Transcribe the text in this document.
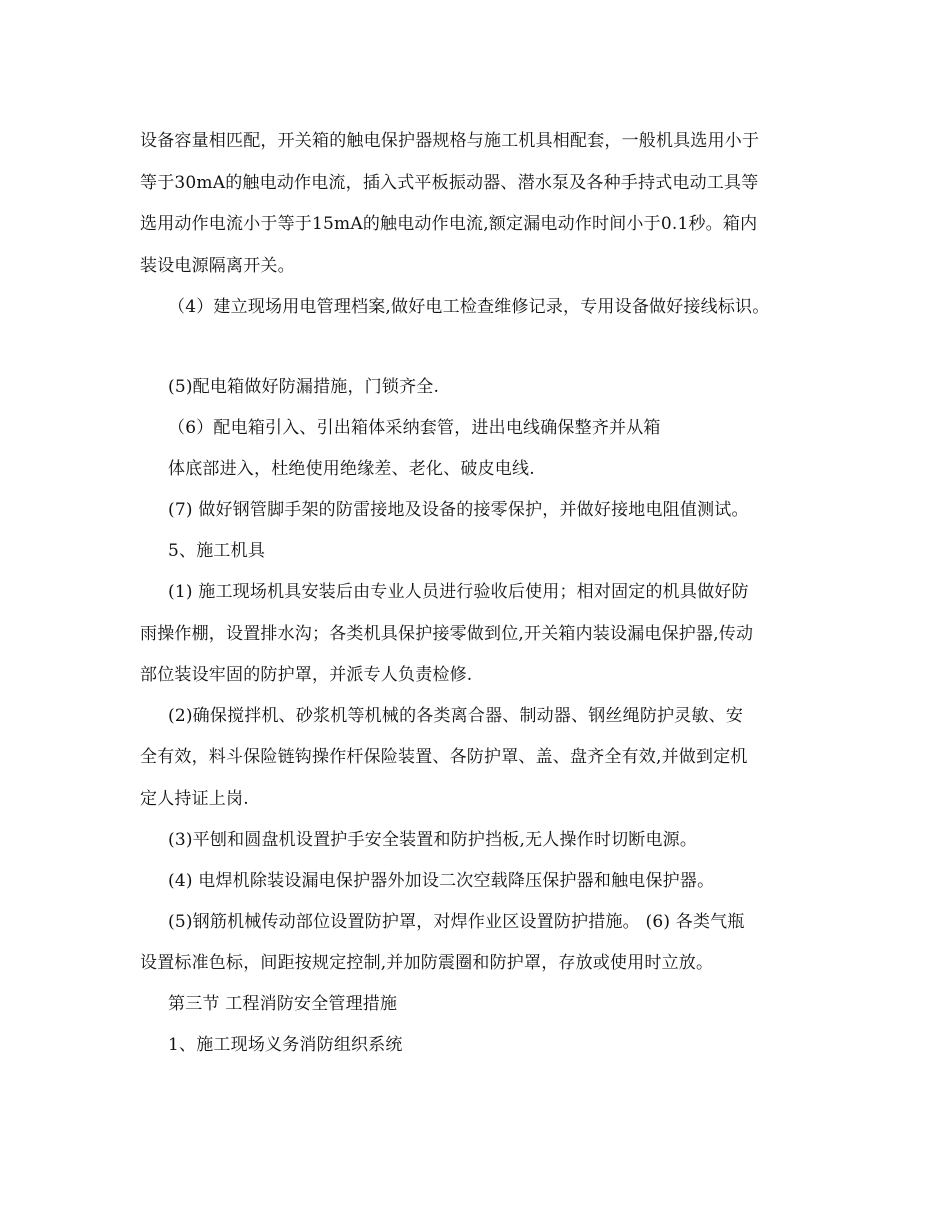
设备容量相匹配，开关箱的触电保护器规格与施工机具相配套，一般机具选用小于
等于30mA的触电动作电流，插入式平板振动器、潜水泵及各种手持式电动工具等
选用动作电流小于等于15mA的触电动作电流,额定漏电动作时间小于0.1秒。箱内
装设电源隔离开关。
（4）建立现场用电管理档案,做好电工检查维修记录，专用设备做好接线标识。
(5)配电箱做好防漏措施，门锁齐全.
（6）配电箱引入、引出箱体采纳套管，进出电线确保整齐并从箱
体底部进入，杜绝使用绝缘差、老化、破皮电线.
(7) 做好钢管脚手架的防雷接地及设备的接零保护，并做好接地电阻值测试。
5、施工机具
(1) 施工现场机具安装后由专业人员进行验收后使用；相对固定的机具做好防
雨操作棚，设置排水沟；各类机具保护接零做到位,开关箱内装设漏电保护器,传动
部位装设牢固的防护罩，并派专人负责检修.
(2)确保搅拌机、砂浆机等机械的各类离合器、制动器、钢丝绳防护灵敏、安
全有效，料斗保险链钩操作杆保险装置、各防护罩、盖、盘齐全有效,并做到定机
定人持证上岗.
(3)平刨和圆盘机设置护手安全装置和防护挡板,无人操作时切断电源。
(4) 电焊机除装设漏电保护器外加设二次空载降压保护器和触电保护器。
(5)钢筋机械传动部位设置防护罩，对焊作业区设置防护措施。 (6) 各类气瓶
设置标准色标，间距按规定控制,并加防震圈和防护罩，存放或使用时立放。
第三节 工程消防安全管理措施
1、施工现场义务消防组织系统
